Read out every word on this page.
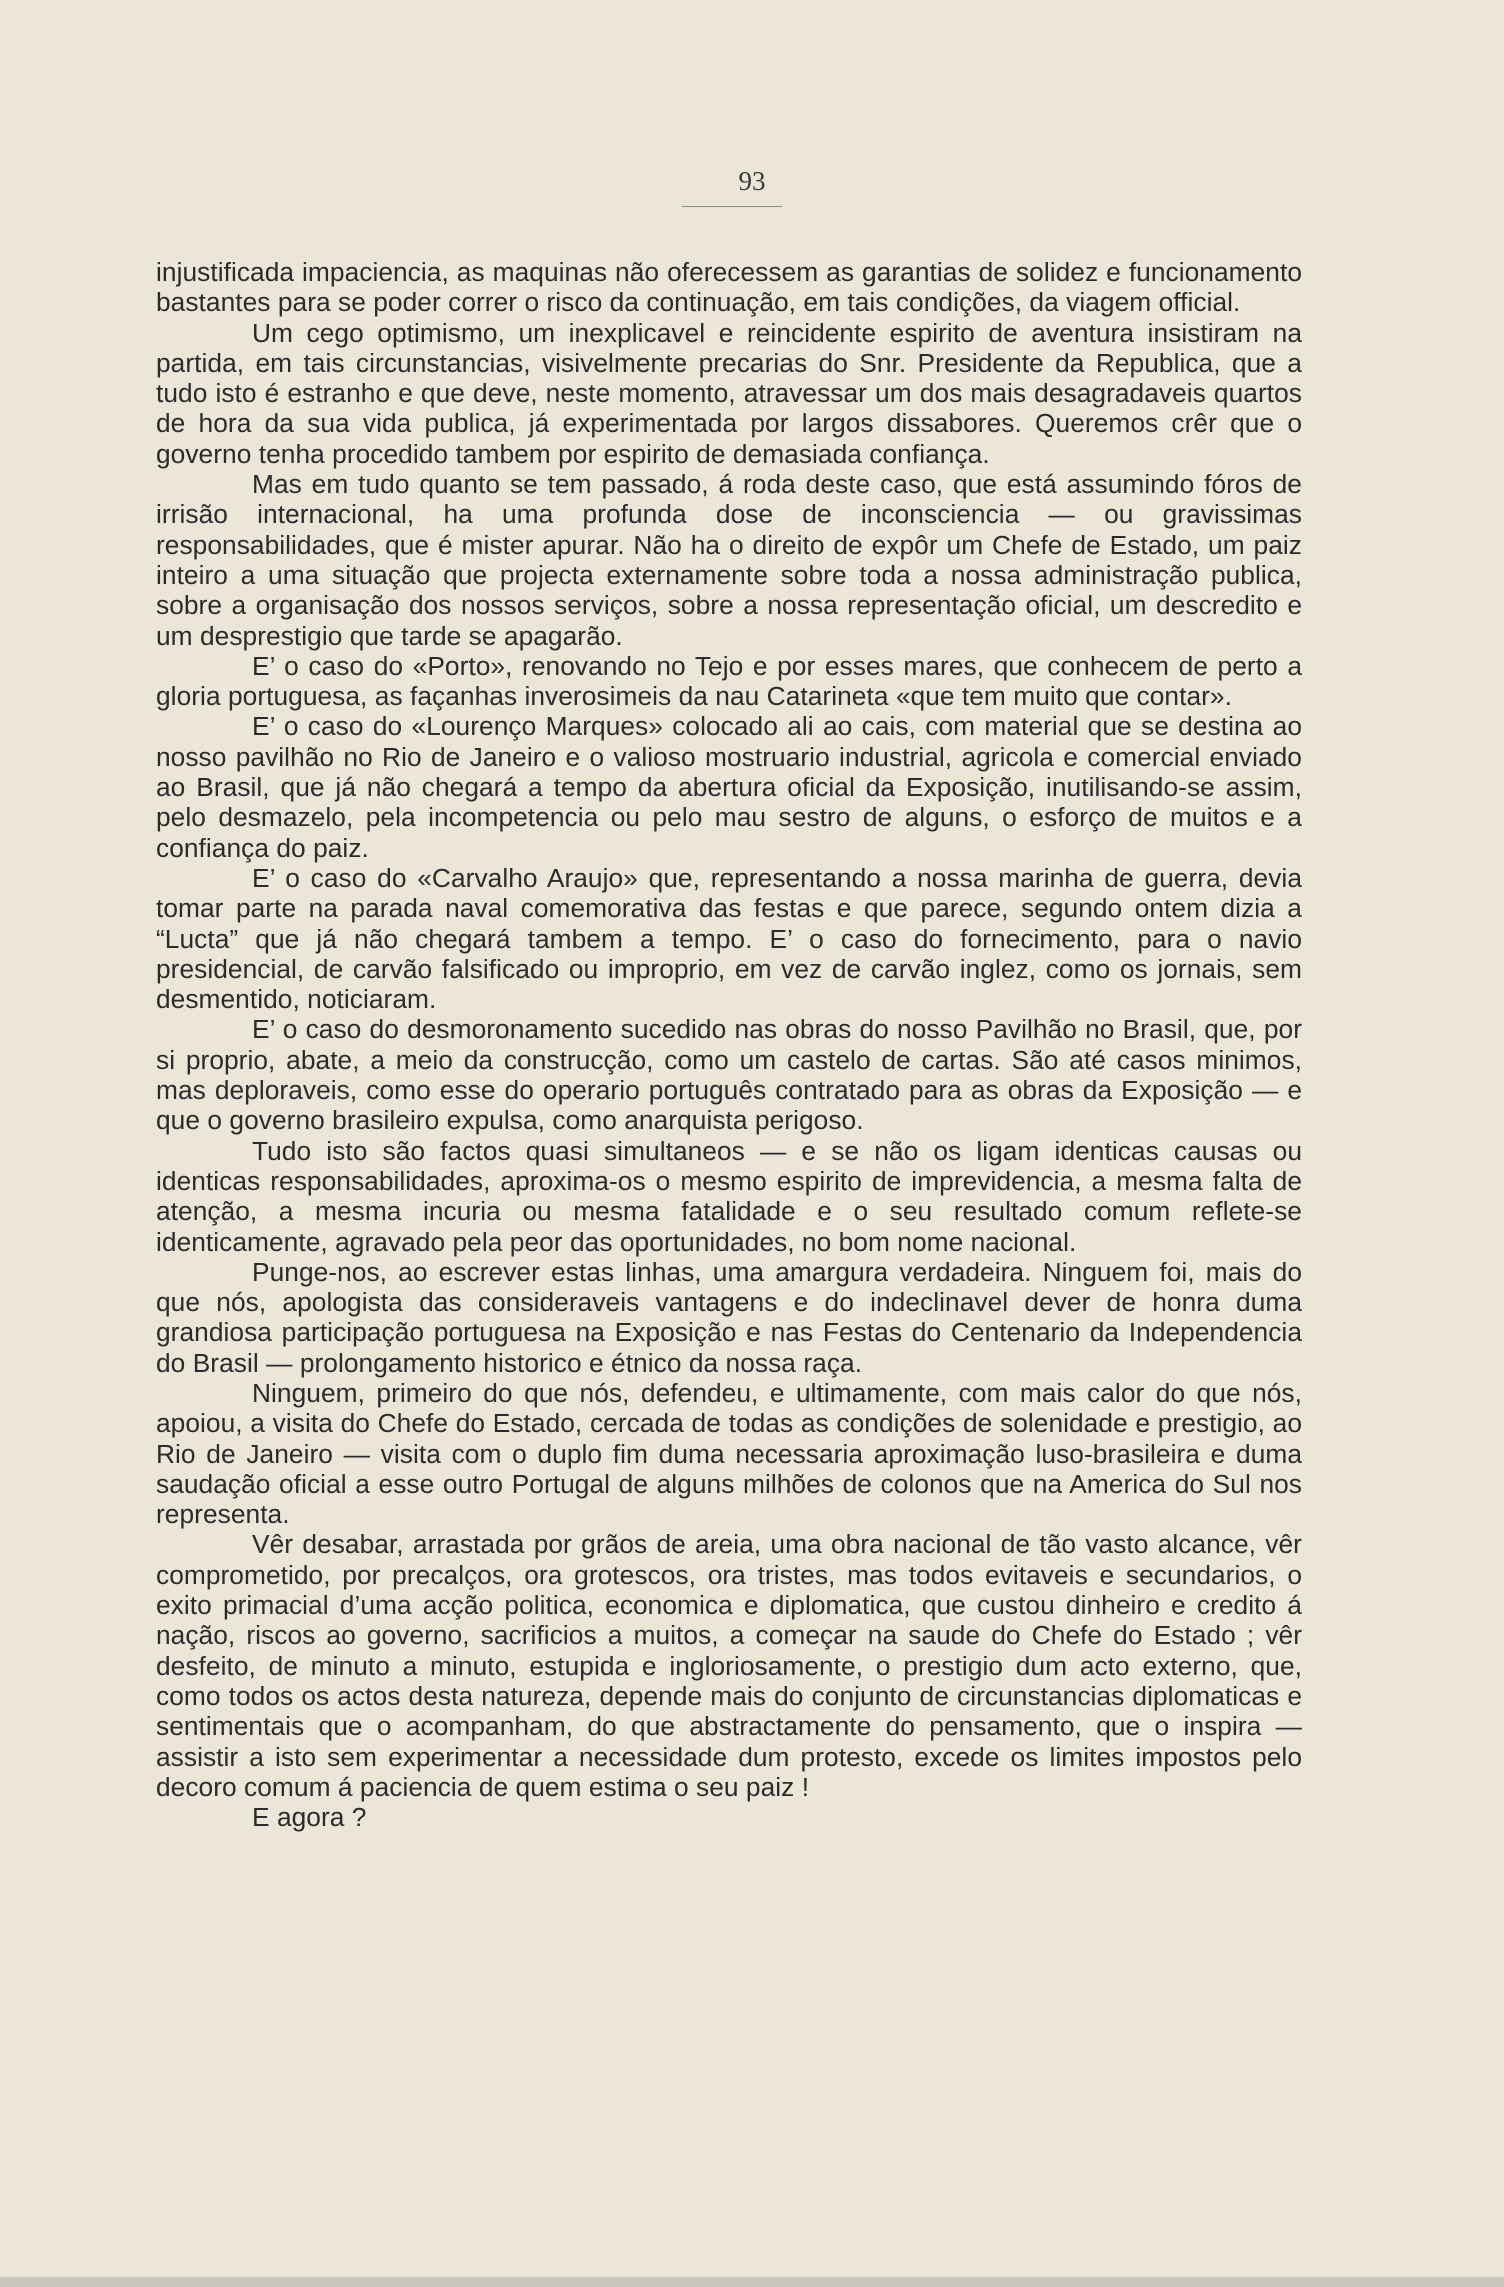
93

injustificada impaciencia, as maquinas não oferecessem as garantias de solidez e funcionamento bastantes para se poder correr o risco da continuação, em tais condições, da viagem official.

Um cego optimismo, um inexplicavel e reincidente espirito de aventura insistiram na partida, em tais circunstancias, visivelmente precarias do Snr. Presidente da Republica, que a tudo isto é estranho e que deve, neste momento, atravessar um dos mais desagradaveis quartos de hora da sua vida publica, já experimentada por largos dissabores. Queremos crêr que o governo tenha procedido tambem por espirito de demasiada confiança.

Mas em tudo quanto se tem passado, á roda deste caso, que está assumindo fóros de irrisão internacional, ha uma profunda dose de inconsciencia — ou gravissimas responsabilidades, que é mister apurar. Não ha o direito de expôr um Chefe de Estado, um paiz inteiro a uma situação que projecta externamente sobre toda a nossa administração publica, sobre a organisação dos nossos serviços, sobre a nossa representação oficial, um descredito e um desprestigio que tarde se apagarão.

E’ o caso do «Porto», renovando no Tejo e por esses mares, que conhecem de perto a gloria portuguesa, as façanhas inverosimeis da nau Catarineta «que tem muito que contar».

E’ o caso do «Lourenço Marques» colocado ali ao cais, com material que se destina ao nosso pavilhão no Rio de Janeiro e o valioso mostruario industrial, agricola e comercial enviado ao Brasil, que já não chegará a tempo da abertura oficial da Exposição, inutilisando-se assim, pelo desmazelo, pela incompetencia ou pelo mau sestro de alguns, o esforço de muitos e a confiança do paiz.

E’ o caso do «Carvalho Araujo» que, representando a nossa marinha de guerra, devia tomar parte na parada naval comemorativa das festas e que parece, segundo ontem dizia a “Lucta” que já não chegará tambem a tempo. E’ o caso do fornecimento, para o navio presidencial, de carvão falsificado ou improprio, em vez de carvão inglez, como os jornais, sem desmentido, noticiaram.

E’ o caso do desmoronamento sucedido nas obras do nosso Pavilhão no Brasil, que, por si proprio, abate, a meio da construcção, como um castelo de cartas. São até casos minimos, mas deploraveis, como esse do operario português contratado para as obras da Exposição — e que o governo brasileiro expulsa, como anarquista perigoso.

Tudo isto são factos quasi simultaneos — e se não os ligam identicas causas ou identicas responsabilidades, aproxima-os o mesmo espirito de imprevidencia, a mesma falta de atenção, a mesma incuria ou mesma fatalidade e o seu resultado comum reflete-se identicamente, agravado pela peor das oportunidades, no bom nome nacional.

Punge-nos, ao escrever estas linhas, uma amargura verdadeira. Ninguem foi, mais do que nós, apologista das consideraveis vantagens e do indeclinavel dever de honra duma grandiosa participação portuguesa na Exposição e nas Festas do Centenario da Independencia do Brasil — prolongamento historico e étnico da nossa raça.

Ninguem, primeiro do que nós, defendeu, e ultimamente, com mais calor do que nós, apoiou, a visita do Chefe do Estado, cercada de todas as condições de solenidade e prestigio, ao Rio de Janeiro — visita com o duplo fim duma necessaria aproximação luso-brasileira e duma saudação oficial a esse outro Portugal de alguns milhões de colonos que na America do Sul nos representa.

Vêr desabar, arrastada por grãos de areia, uma obra nacional de tão vasto alcance, vêr comprometido, por precalços, ora grotescos, ora tristes, mas todos evitaveis e secundarios, o exito primacial d’uma acção politica, economica e diplomatica, que custou dinheiro e credito á nação, riscos ao governo, sacrificios a muitos, a começar na saude do Chefe do Estado ; vêr desfeito, de minuto a minuto, estupida e ingloriosamente, o prestigio dum acto externo, que, como todos os actos desta natureza, depende mais do conjunto de circunstancias diplomaticas e sentimentais que o acompanham, do que abstractamente do pensamento, que o inspira — assistir a isto sem experimentar a necessidade dum protesto, excede os limites impostos pelo decoro comum á paciencia de quem estima o seu paiz !

E agora ?
